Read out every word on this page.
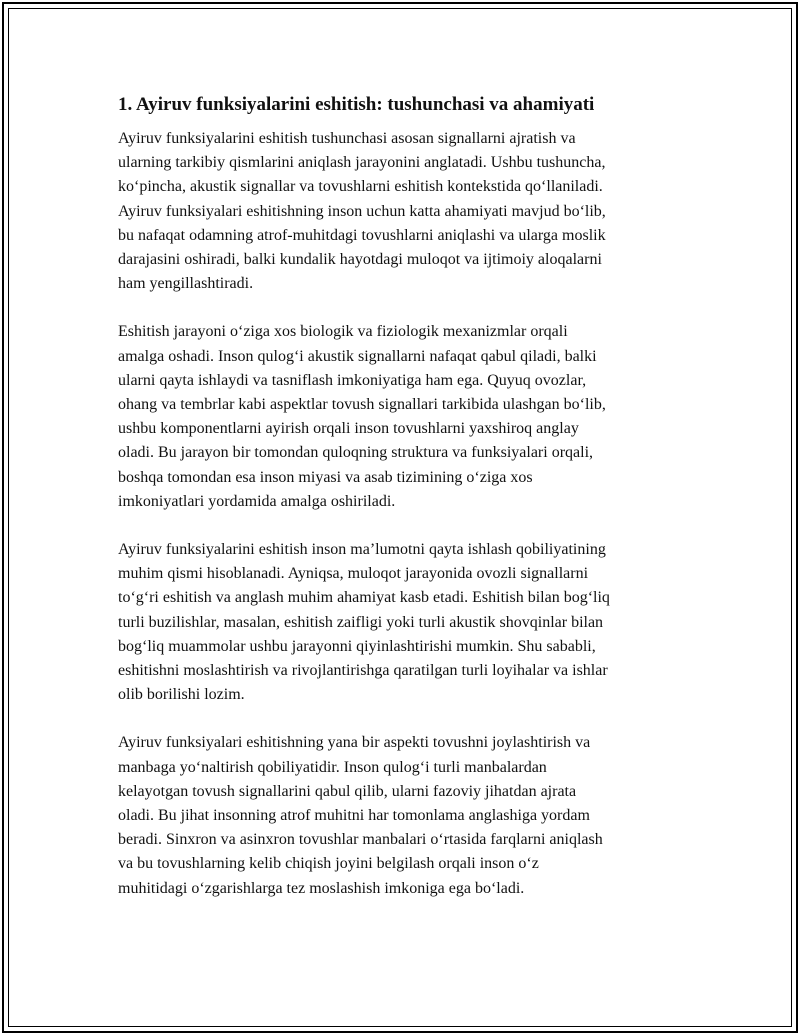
1. Ayiruv funksiyalarini eshitish: tushunchasi va ahamiyati

Ayiruv funksiyalarini eshitish tushunchasi asosan signallarni ajratish va
ularning tarkibiy qismlarini aniqlash jarayonini anglatadi. Ushbu tushuncha,
ko‘pincha, akustik signallar va tovushlarni eshitish kontekstida qo‘llaniladi.
Ayiruv funksiyalari eshitishning inson uchun katta ahamiyati mavjud bo‘lib,
bu nafaqat odamning atrof-muhitdagi tovushlarni aniqlashi va ularga moslik
darajasini oshiradi, balki kundalik hayotdagi muloqot va ijtimoiy aloqalarni
ham yengillashtiradi.

Eshitish jarayoni o‘ziga xos biologik va fiziologik mexanizmlar orqali
amalga oshadi. Inson qulog‘i akustik signallarni nafaqat qabul qiladi, balki
ularni qayta ishlaydi va tasniflash imkoniyatiga ham ega. Quyuq ovozlar,
ohang va tembrlar kabi aspektlar tovush signallari tarkibida ulashgan bo‘lib,
ushbu komponentlarni ayirish orqali inson tovushlarni yaxshiroq anglay
oladi. Bu jarayon bir tomondan quloqning struktura va funksiyalari orqali,
boshqa tomondan esa inson miyasi va asab tizimining o‘ziga xos
imkoniyatlari yordamida amalga oshiriladi.

Ayiruv funksiyalarini eshitish inson ma’lumotni qayta ishlash qobiliyatining
muhim qismi hisoblanadi. Ayniqsa, muloqot jarayonida ovozli signallarni
to‘g‘ri eshitish va anglash muhim ahamiyat kasb etadi. Eshitish bilan bog‘liq
turli buzilishlar, masalan, eshitish zaifligi yoki turli akustik shovqinlar bilan
bog‘liq muammolar ushbu jarayonni qiyinlashtirishi mumkin. Shu sababli,
eshitishni moslashtirish va rivojlantirishga qaratilgan turli loyihalar va ishlar
olib borilishi lozim.

Ayiruv funksiyalari eshitishning yana bir aspekti tovushni joylashtirish va
manbaga yo‘naltirish qobiliyatidir. Inson qulog‘i turli manbalardan
kelayotgan tovush signallarini qabul qilib, ularni fazoviy jihatdan ajrata
oladi. Bu jihat insonning atrof muhitni har tomonlama anglashiga yordam
beradi. Sinxron va asinxron tovushlar manbalari o‘rtasida farqlarni aniqlash
va bu tovushlarning kelib chiqish joyini belgilash orqali inson o‘z
muhitidagi o‘zgarishlarga tez moslashish imkoniga ega bo‘ladi.
